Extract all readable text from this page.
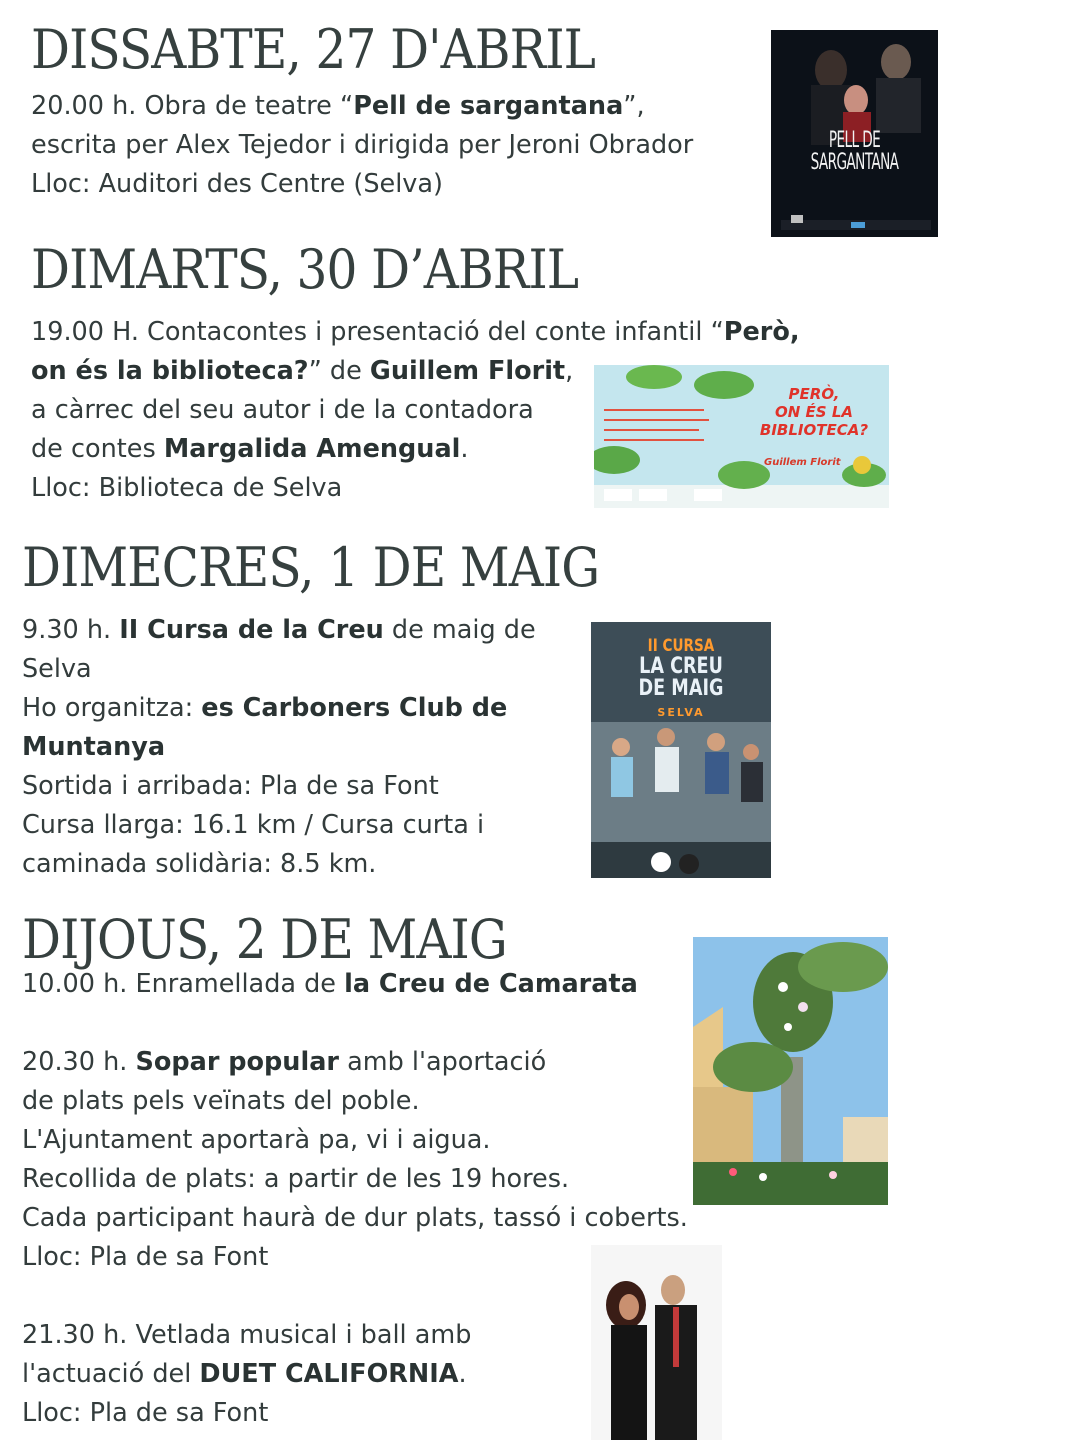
DISSABTE, 27 D'ABRIL
20.00 h. Obra de teatre “Pell de sargantana”,
escrita per Alex Tejedor i dirigida per Jeroni Obrador
Lloc: Auditori des Centre (Selva)
DIMARTS, 30 D’ABRIL
19.00 H. Contacontes i presentació del conte infantil “Però,
on és la biblioteca?” de Guillem Florit,
a càrrec del seu autor i de la contadora
de contes Margalida Amengual.
Lloc: Biblioteca de Selva
DIMECRES, 1 DE MAIG
9.30 h. II Cursa de la Creu de maig de
Selva
Ho organitza: es Carboners Club de
Muntanya
Sortida i arribada: Pla de sa Font
Cursa llarga: 16.1 km / Cursa curta i
caminada solidària: 8.5 km.
DIJOUS, 2 DE MAIG
10.00 h. Enramellada de la Creu de Camarata
20.30 h. Sopar popular amb l'aportació
de plats pels veïnats del poble.
L'Ajuntament aportarà pa, vi i aigua.
Recollida de plats: a partir de les 19 hores.
Cada participant haurà de dur plats, tassó i coberts.
Lloc: Pla de sa Font
21.30 h. Vetlada musical i ball amb
l'actuació del DUET CALIFORNIA.
Lloc: Pla de sa Font
PELL DE
SARGANTANA
PERÒ,
ON ÉS LA
BIBLIOTECA?
Guillem Florit
II CURSA
LA CREU
DE MAIG
SELVA
